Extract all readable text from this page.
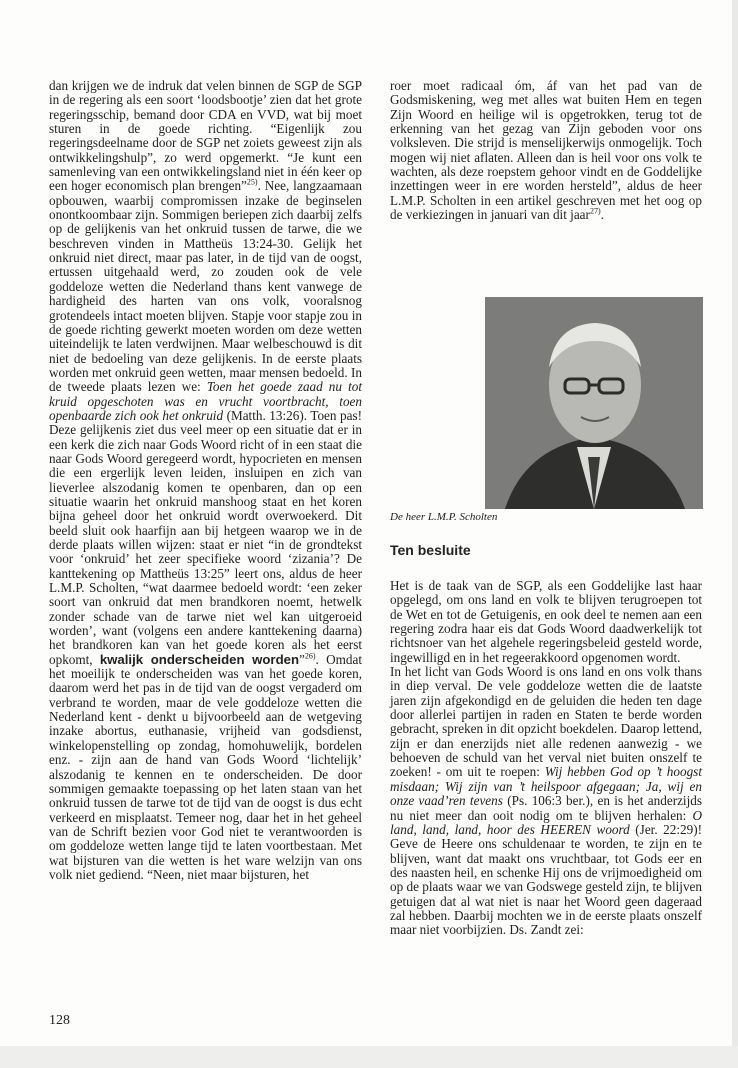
dan krijgen we de indruk dat velen binnen de SGP de SGP in de regering als een soort ‘loodsbootje’ zien dat het grote regeringsschip, bemand door CDA en VVD, wat bij moet sturen in de goede richting. “Eigenlijk zou regeringsdeelname door de SGP net zoiets geweest zijn als ontwikkelingshulp”, zo werd opgemerkt. “Je kunt een samenleving van een ontwikkelingsland niet in één keer op een hoger economisch plan brengen”$^{25)}$. Nee, langzaamaan opbouwen, waarbij compromissen inzake de beginselen onontkoombaar zijn. Sommigen beriepen zich daarbij zelfs op de gelijkenis van het onkruid tussen de tarwe, die we beschreven vinden in Mattheüs 13:24-30. Gelijk het onkruid niet direct, maar pas later, in de tijd van de oogst, ertussen uitgehaald werd, zo zouden ook de vele goddeloze wetten die Nederland thans kent vanwege de hardigheid des harten van ons volk, vooralsnog grotendeels intact moeten blijven. Stapje voor stapje zou in de goede richting gewerkt moeten worden om deze wetten uiteindelijk te laten verdwijnen. Maar welbeschouwd is dit niet de bedoeling van deze gelijkenis. In de eerste plaats worden met onkruid geen wetten, maar mensen bedoeld. In de tweede plaats lezen we: Toen het goede zaad nu tot kruid opgeschoten was en vrucht voortbracht, toen openbaarde zich ook het onkruid (Matth. 13:26). Toen pas! Deze gelijkenis ziet dus veel meer op een situatie dat er in een kerk die zich naar Gods Woord richt of in een staat die naar Gods Woord geregeerd wordt, hypocrieten en mensen die een ergerlijk leven leiden, insluipen en zich van lieverlee alszodanig komen te openbaren, dan op een situatie waarin het onkruid manshoog staat en het koren bijna geheel door het onkruid wordt overwoekerd. Dit beeld sluit ook haarfijn aan bij hetgeen waarop we in de derde plaats willen wijzen: staat er niet “in de grondtekst voor ‘onkruid’ het zeer specifieke woord ‘zizania’? De kanttekening op Mattheüs 13:25” leert ons, aldus de heer L.M.P. Scholten, “wat daarmee bedoeld wordt: ‘een zeker soort van onkruid dat men brandkoren noemt, hetwelk zonder schade van de tarwe niet wel kan uitgeroeid worden’, want (volgens een andere kanttekening daarna) het brandkoren kan van het goede koren als het eerst opkomt, kwalijk onderscheiden worden”$^{26)}$. Omdat het moeilijk te onderscheiden was van het goede koren, daarom werd het pas in de tijd van de oogst vergaderd om verbrand te worden, maar de vele goddeloze wetten die Nederland kent - denkt u bijvoorbeeld aan de wetgeving inzake abortus, euthanasie, vrijheid van godsdienst, winkelopenstelling op zondag, homohuwelijk, bordelen enz. - zijn aan de hand van Gods Woord ‘lichtelijk’ alszodanig te kennen en te onderscheiden. De door sommigen gemaakte toepassing op het laten staan van het onkruid tussen de tarwe tot de tijd van de oogst is dus echt verkeerd en misplaatst. Temeer nog, daar het in het geheel van de Schrift bezien voor God niet te verantwoorden is om goddeloze wetten lange tijd te laten voortbestaan. Met wat bijsturen van die wetten is het ware welzijn van ons volk niet gediend. “Neen, niet maar bijsturen, het

roer moet radicaal óm, áf van het pad van de Godsmiskening, weg met alles wat buiten Hem en tegen Zijn Woord en heilige wil is opgetrokken, terug tot de erkenning van het gezag van Zijn geboden voor ons volksleven. Die strijd is menselijkerwijs onmogelijk. Toch mogen wij niet aflaten. Alleen dan is heil voor ons volk te wachten, als deze roepstem gehoor vindt en de Goddelijke inzettingen weer in ere worden hersteld”, aldus de heer L.M.P. Scholten in een artikel geschreven met het oog op de verkiezingen in januari van dit jaar$^{27)}$.

De heer L.M.P. Scholten
Ten besluite

Het is de taak van de SGP, als een Goddelijke last haar opgelegd, om ons land en volk te blijven terugroepen tot de Wet en tot de Getuigenis, en ook deel te nemen aan een regering zodra haar eis dat Gods Woord daadwerkelijk tot richtsnoer van het algehele regeringsbeleid gesteld worde, ingewilligd en in het regeerakkoord opgenomen wordt.

In het licht van Gods Woord is ons land en ons volk thans in diep verval. De vele goddeloze wetten die de laatste jaren zijn afgekondigd en de geluiden die heden ten dage door allerlei partijen in raden en Staten te berde worden gebracht, spreken in dit opzicht boekdelen. Daarop lettend, zijn er dan enerzijds niet alle redenen aanwezig - we behoeven de schuld van het verval niet buiten onszelf te zoeken! - om uit te roepen: Wij hebben God op ’t hoogst misdaan; Wij zijn van ’t heilspoor afgegaan; Ja, wij en onze vaad’ren tevens (Ps. 106:3 ber.), en is het anderzijds nu niet meer dan ooit nodig om te blijven herhalen: O land, land, land, hoor des HEEREN woord (Jer. 22:29)! Geve de Heere ons schuldenaar te worden, te zijn en te blijven, want dat maakt ons vruchtbaar, tot Gods eer en des naasten heil, en schenke Hij ons de vrijmoedigheid om op de plaats waar we van Godswege gesteld zijn, te blijven getuigen dat al wat niet is naar het Woord geen dageraad zal hebben. Daarbij mochten we in de eerste plaats onszelf maar niet voorbijzien. Ds. Zandt zei:

128
